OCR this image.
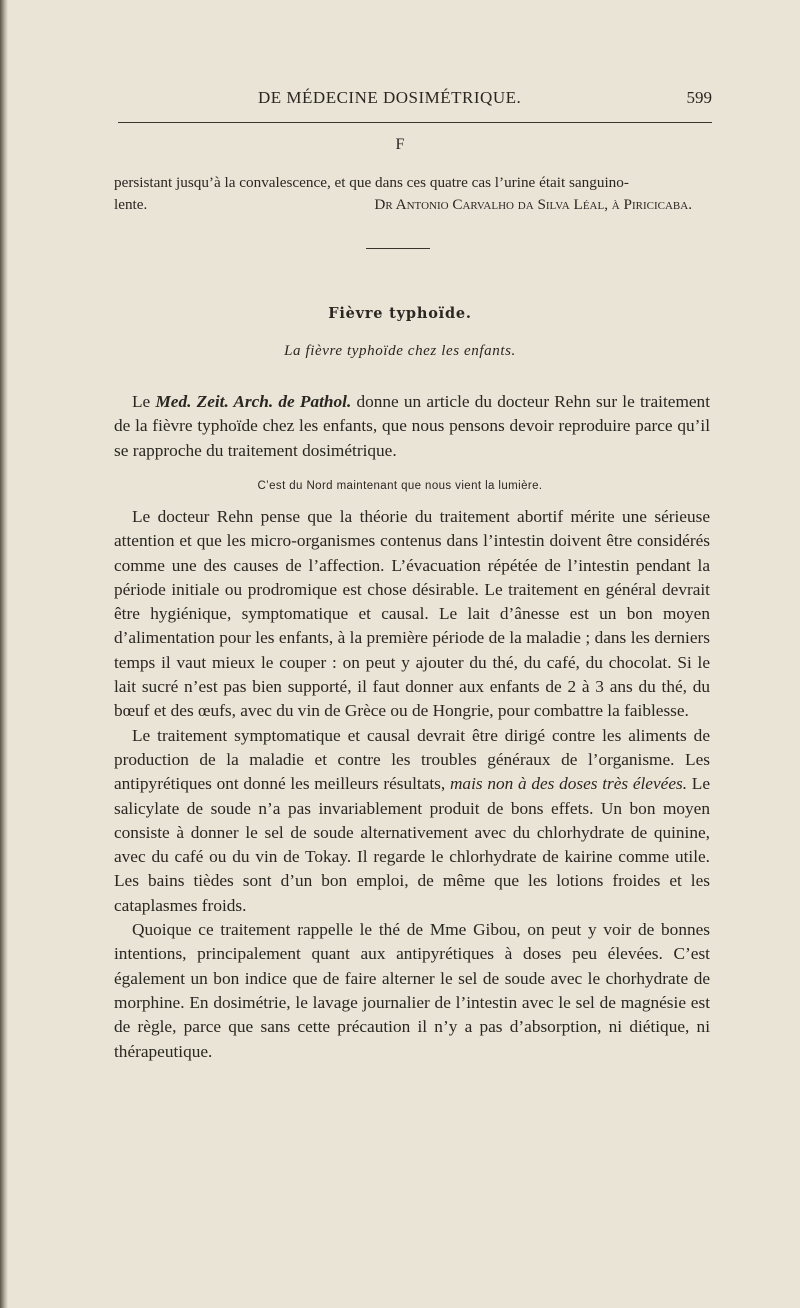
DE MÉDECINE DOSIMÉTRIQUE.	599
F
persistant jusqu’à la convalescence, et que dans ces quatre cas l’urine était sanguino-
lente.	Dr Antonio Carvalho da Silva Léal, à Piricicaba.
Fièvre typhoïde.
La fièvre typhoïde chez les enfants.

Le Med. Zeit. Arch. de Pathol. donne un article du docteur Rehn sur le traitement de la fièvre typhoïde chez les enfants, que nous pensons devoir reproduire parce qu’il se rapproche du traitement dosimétrique.

C’est du Nord maintenant que nous vient la lumière.

Le docteur Rehn pense que la théorie du traitement abortif mérite une sérieuse attention et que les micro-organismes contenus dans l’intestin doivent être considérés comme une des causes de l’affection. L’évacuation répétée de l’intestin pendant la période initiale ou prodromique est chose désirable. Le traitement en général devrait être hygiénique, symptomatique et causal. Le lait d’ânesse est un bon moyen d’alimentation pour les enfants, à la première période de la maladie ; dans les derniers temps il vaut mieux le couper : on peut y ajouter du thé, du café, du chocolat. Si le lait sucré n’est pas bien supporté, il faut donner aux enfants de 2 à 3 ans du thé, du bœuf et des œufs, avec du vin de Grèce ou de Hongrie, pour combattre la faiblesse.

Le traitement symptomatique et causal devrait être dirigé contre les aliments de production de la maladie et contre les troubles généraux de l’organisme. Les antipyrétiques ont donné les meilleurs résultats, mais non à des doses très élevées. Le salicylate de soude n’a pas invariablement produit de bons effets. Un bon moyen consiste à donner le sel de soude alternativement avec du chlorhydrate de quinine, avec du café ou du vin de Tokay. Il regarde le chlorhydrate de kairine comme utile. Les bains tièdes sont d’un bon emploi, de même que les lotions froides et les cataplasmes froids.

Quoique ce traitement rappelle le thé de Mme Gibou, on peut y voir de bonnes intentions, principalement quant aux antipyrétiques à doses peu élevées. C’est également un bon indice que de faire alterner le sel de soude avec le chorhydrate de morphine. En dosimétrie, le lavage journalier de l’intestin avec le sel de magnésie est de règle, parce que sans cette précaution il n’y a pas d’absorption, ni diétique, ni thérapeutique.
